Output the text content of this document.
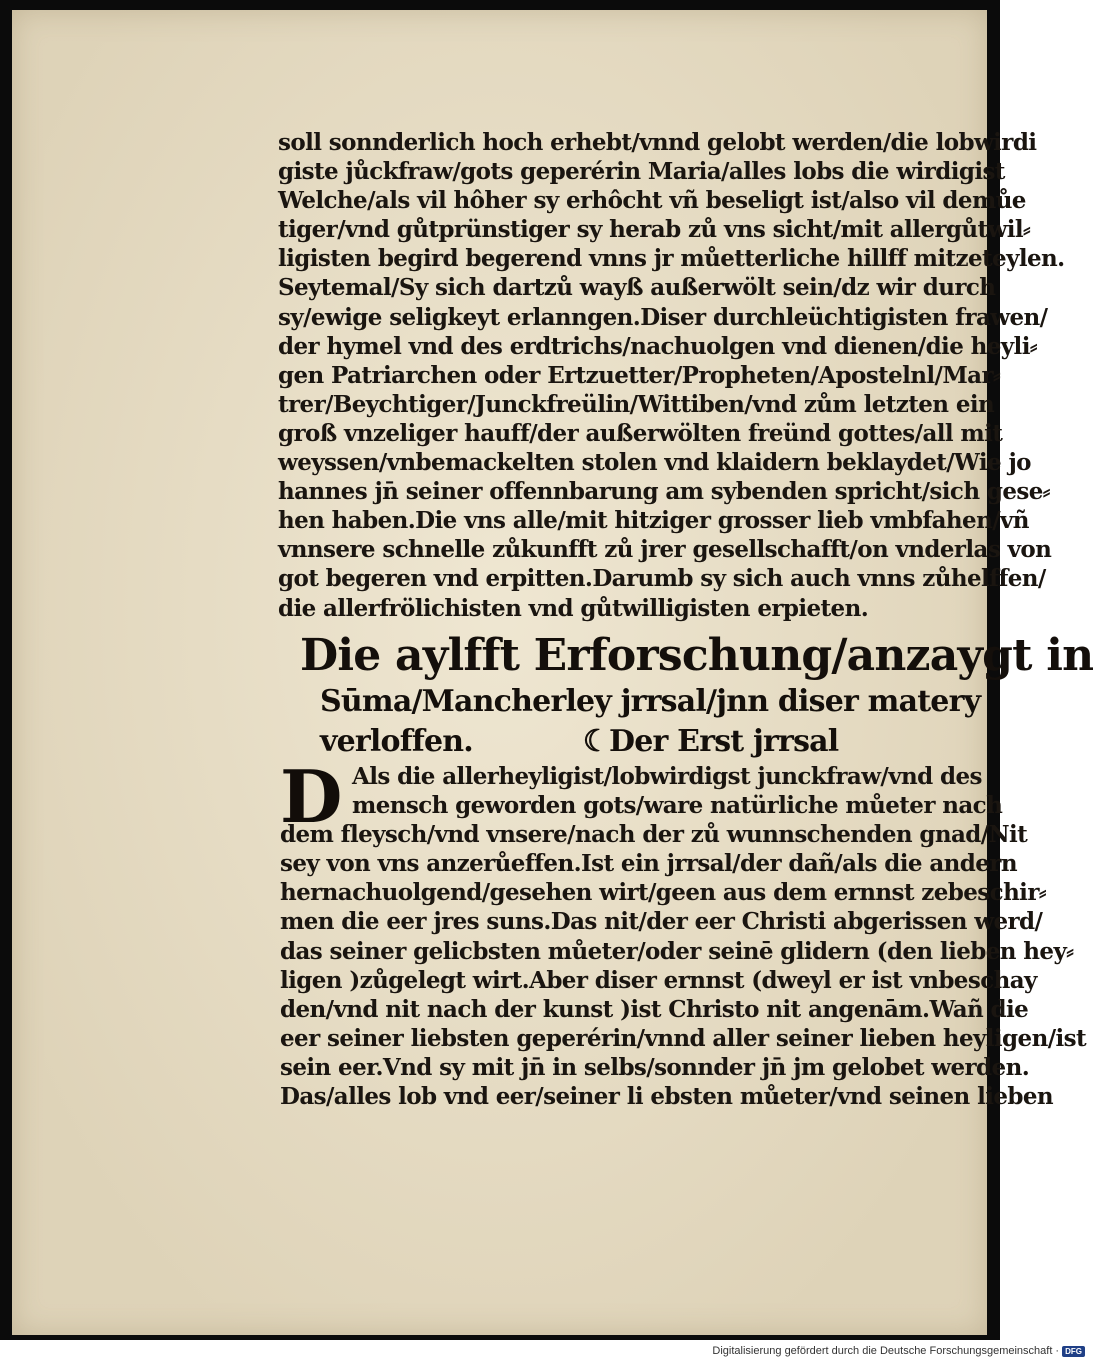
soll sonnderlich hoch erhebt/vnnd gelobt werden/die lobwirdi
giste jůckfraw/gots geperérin Maria/alles lobs die wirdigist
Welche/als vil hôher sy erhôcht vñ beseligt ist/also vil demůe
tiger/vnd gůtprünstiger sy herab zů vns sicht/mit allergůtwil⸗
ligisten begird begerend vnns jr můetterliche hillff mitzeteylen.
Seytemal/Sy sich dartzů wayß außerwölt sein/dz wir durch
sy/ewige seligkeyt erlanngen.Diser durchleüchtigisten frawen/
der hymel vnd des erdtrichs/nachuolgen vnd dienen/die heyli⸗
gen Patriarchen oder Ertzuetter/Propheten/Apostelnl/Mar⸗
trer/Beychtiger/Junckfreülin/Wittiben/vnd zům letzten ein
groß vnzeliger hauff/der außerwölten freünd gottes/all mit
weyssen/vnbemackelten stolen vnd klaidern beklaydet/Wie jo
hannes jn̄ seiner offennbarung am sybenden spricht/sich gese⸗
hen haben.Die vns alle/mit hitziger grosser lieb vmbfahen/vñ
vnnsere schnelle zůkunfft zů jrer gesellschafft/on vnderlas von
got begeren vnd erpitten.Darumb sy sich auch vnns zůhelffen/
die allerfrölichisten vnd gůtwilligisten erpieten.
Die aylfft Erforschung/anzaygt in
Sūma/Mancherley jrrsal/jnn diser matery
verloffen.	☾Der Erst jrrsal
D Als die allerheyligist/lobwirdigst junckfraw/vnd des
mensch geworden gots/ware natürliche můeter nach
dem fleysch/vnd vnsere/nach der zů wunnschenden gnad/Nit
sey von vns anzerůeffen.Ist ein jrrsal/der dañ/als die andern
hernachuolgend/gesehen wirt/geen aus dem ernnst zebeschir⸗
men die eer jres suns.Das nit/der eer Christi abgerissen werd/
das seiner gelicbsten můeter/oder seinē glidern (den lieben hey⸗
ligen )zůgelegt wirt.Aber diser ernnst (dweyl er ist vnbeschay
den/vnd nit nach der kunst )ist Christo nit angenām.Wañ die
eer seiner liebsten geperérin/vnnd aller seiner lieben heyligen/ist
sein eer.Vnd sy mit jn̄ in selbs/sonnder jn̄ jm gelobet werden.
Das/alles lob vnd eer/seiner li ebsten můeter/vnd seinen lieben
Digitalisierung gefördert durch die Deutsche Forschungsgemeinschaft · DFG
